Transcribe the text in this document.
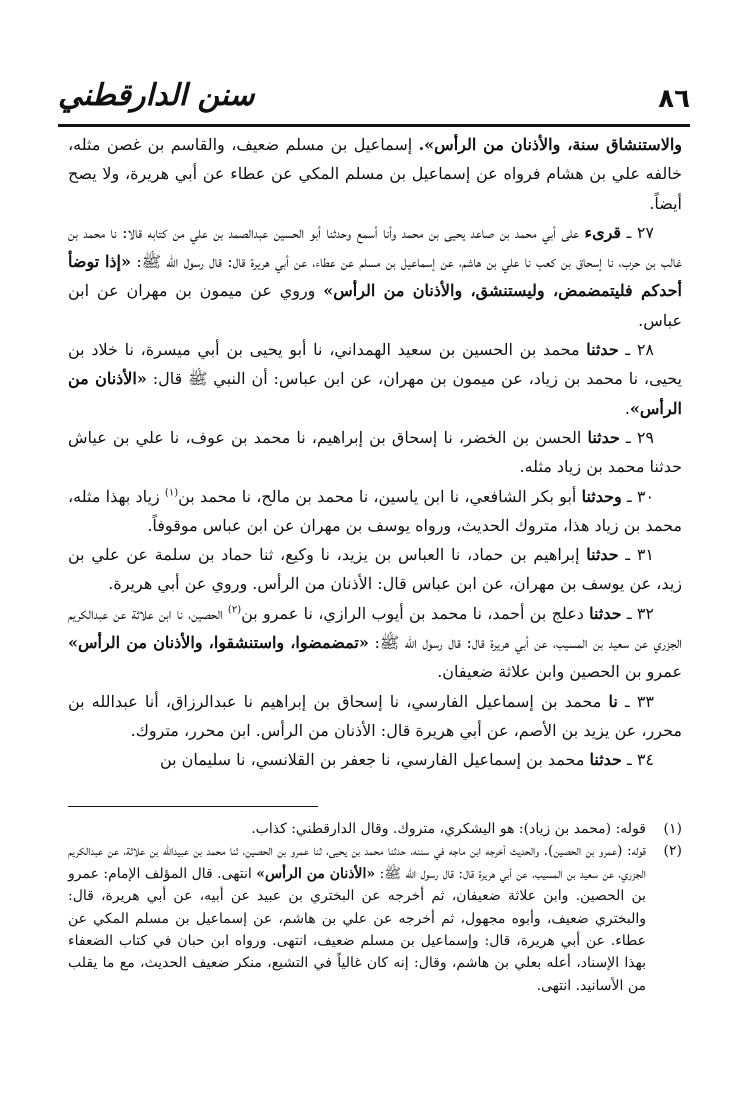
٨٦
سنن الدارقطني

والاستنشاق سنة، والأذنان من الرأس». إسماعيل بن مسلم ضعيف، والقاسم بن غصن مثله، خالفه علي بن هشام فرواه عن إسماعيل بن مسلم المكي عن عطاء عن أبي هريرة، ولا يصح أيضاً.

٢٧ ـ قرىء على أبي محمد بن صاعد يحيى بن محمد وأنا أسمع وحدثنا أبو الحسين عبدالصمد بن علي من كتابه قالا: نا محمد بن غالب بن حرب، نا إسحاق بن كعب نا علي بن هاشم، عن إسماعيل بن مسلم عن عطاء، عن أبي هريرة قال: قال رسول الله ﷺ: «إذا توضأ أحدكم فليتمضمض، وليستنشق، والأذنان من الرأس» وروي عن ميمون بن مهران عن ابن عباس.

٢٨ ـ حدثنا محمد بن الحسين بن سعيد الهمداني، نا أبو يحيى بن أبي ميسرة، نا خلاد بن يحيى، نا محمد بن زياد، عن ميمون بن مهران، عن ابن عباس: أن النبي ﷺ قال: «الأذنان من الرأس».

٢٩ ـ حدثنا الحسن بن الخضر، نا إسحاق بن إبراهيم، نا محمد بن عوف، نا علي بن عياش حدثنا محمد بن زياد مثله.

٣٠ ـ وحدثنا أبو بكر الشافعي، نا ابن ياسين، نا محمد بن مالح، نا محمد بن$^{(١)}$ زياد بهذا مثله، محمد بن زياد هذا، متروك الحديث، ورواه يوسف بن مهران عن ابن عباس موقوفاً.

٣١ ـ حدثنا إبراهيم بن حماد، نا العباس بن يزيد، نا وكيع، ثنا حماد بن سلمة عن علي بن زيد، عن يوسف بن مهران، عن ابن عباس قال: الأذنان من الرأس. وروي عن أبي هريرة.

٣٢ ـ حدثنا دعلج بن أحمد، نا محمد بن أيوب الرازي، نا عمرو بن$^{(٢)}$ الحصين، نا ابن علاثة عن عبدالكريم الجزري عن سعيد بن المسيب، عن أبي هريرة قال: قال رسول الله ﷺ: «تمضمضوا، واستنشقوا، والأذنان من الرأس» عمرو بن الحصين وابن علاثة ضعيفان.

٣٣ ـ نا محمد بن إسماعيل الفارسي، نا إسحاق بن إبراهيم نا عبدالرزاق، أنا عبدالله بن محرر، عن يزيد بن الأصم، عن أبي هريرة قال: الأذنان من الرأس. ابن محرر، متروك.

٣٤ ـ حدثنا محمد بن إسماعيل الفارسي، نا جعفر بن القلانسي، نا سليمان بن

(١)
قوله: (محمد بن زياد): هو اليشكري، متروك. وقال الدارقطني: كذاب.
(٢)
قوله: (عمرو بن الحصين). والحديث أخرجه ابن ماجه في سننه، حدثنا محمد بن يحيى، ثنا عمرو بن الحصين، ثنا محمد بن عبيدالله بن علاثة، عن عبدالكريم الجزري، عن سعيد بن المسيب، عن أبي هريرة قال: قال رسول الله ﷺ: «الأذنان من الرأس» انتهى. قال المؤلف الإمام: عمرو بن الحصين. وابن علاثة ضعيفان، ثم أخرجه عن البختري بن عبيد عن أبيه، عن أبي هريرة، قال: والبختري ضعيف، وأبوه مجهول، ثم أخرجه عن علي بن هاشم، عن إسماعيل بن مسلم المكي عن عطاء. عن أبي هريرة، قال: وإسماعيل بن مسلم ضعيف، انتهى. ورواه ابن حبان في كتاب الضعفاء بهذا الإسناد، أعله بعلي بن هاشم، وقال: إنه كان غالياً في التشيع، منكر ضعيف الحديث، مع ما يقلب من الأسانيد. انتهى.
